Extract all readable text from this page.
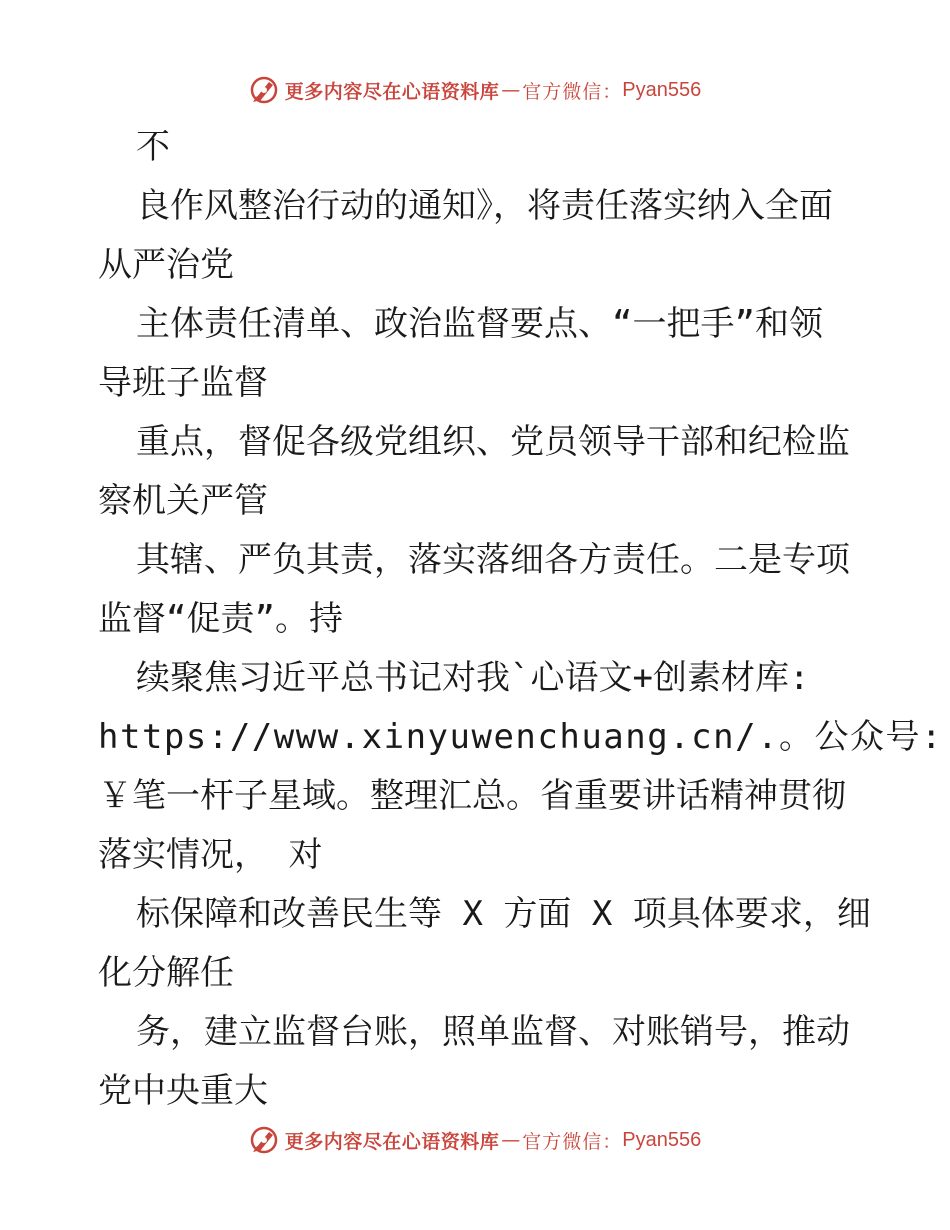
更多内容尽在心语资料库 — 官方微信： Pyan556
不
良作风整治行动的通知》，将责任落实纳入全面
从严治党
主体责任清单、政治监督要点、“一把手”和领
导班子监督
重点，督促各级党组织、党员领导干部和纪检监
察机关严管
其辖、严负其责，落实落细各方责任。二是专项
监督“促责”。持
续聚焦习近平总书记对我`心语文+创素材库:
https://www.xinyuwenchuang.cn/.。公众号:
￥笔一杆子星域。整理汇总。省重要讲话精神贯彻
落实情况， 对
标保障和改善民生等 X 方面 X 项具体要求，细
化分解任
务，建立监督台账，照单监督、对账销号，推动
党中央重大
更多内容尽在心语资料库 — 官方微信： Pyan556
